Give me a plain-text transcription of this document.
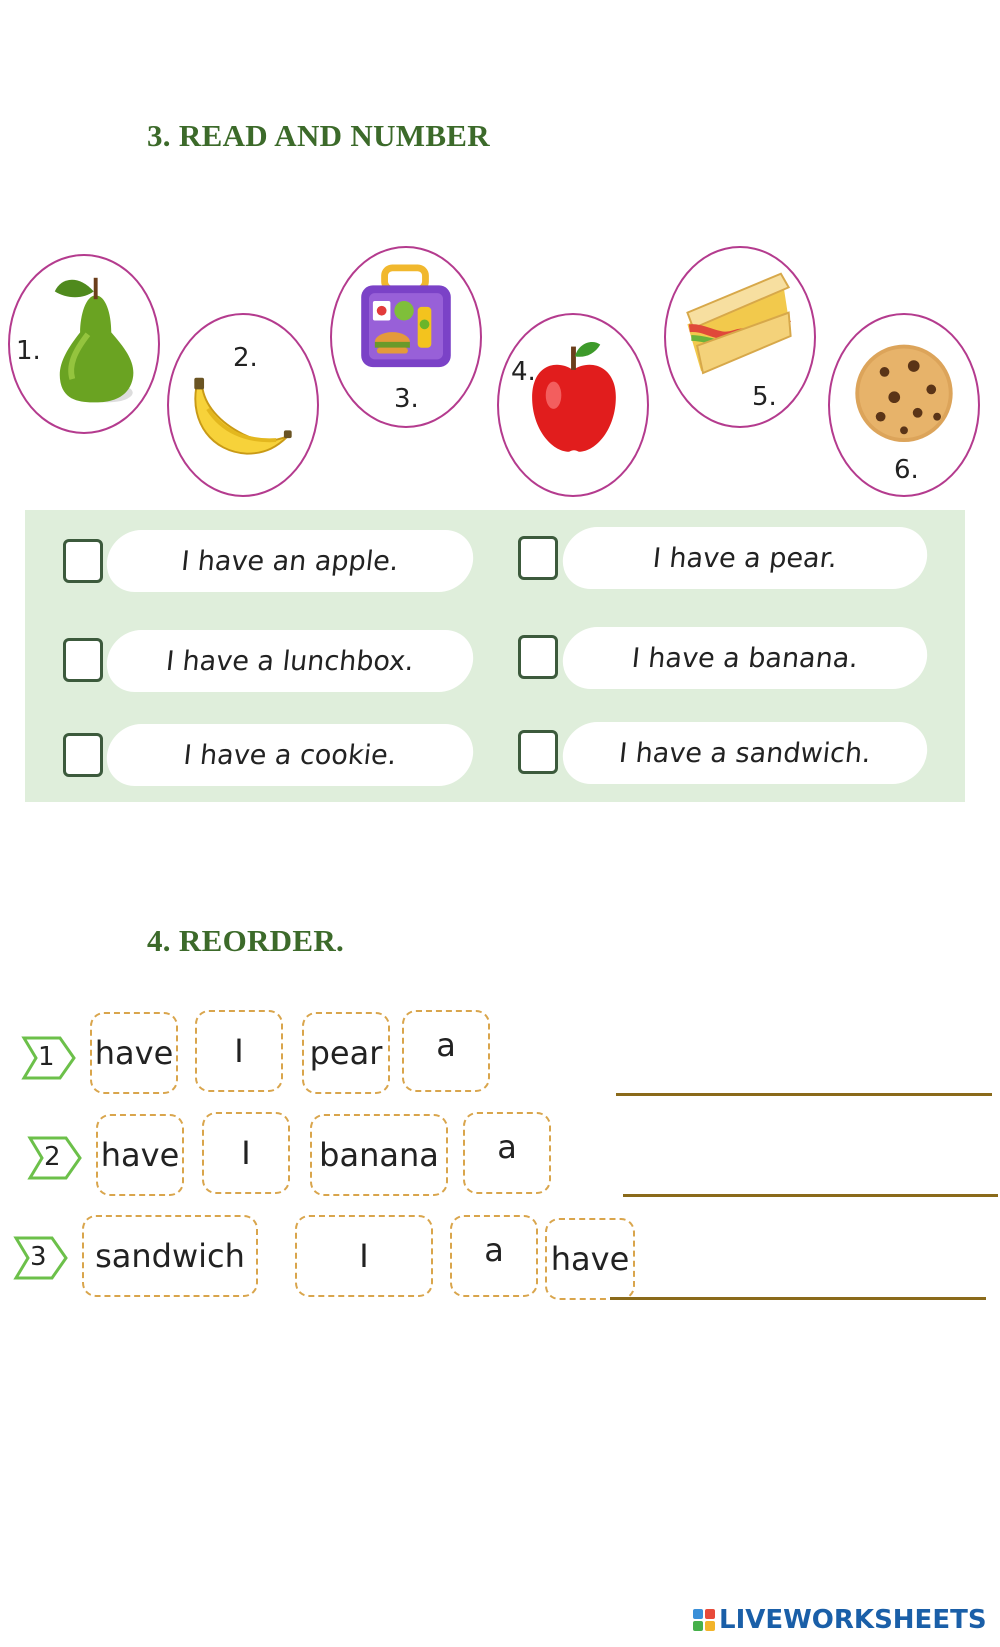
3. READ AND NUMBER
1.	2.
3.
4.
5.
6.
I have an apple.
I have a lunchbox.
I have a cookie.
I have a pear.
I have a banana.
I have a sandwich.
4. REORDER.
1 have	I	pear	a
2 have	I	banana	a
3	sandwich	I	a	have
LIVEWORKSHEETS
